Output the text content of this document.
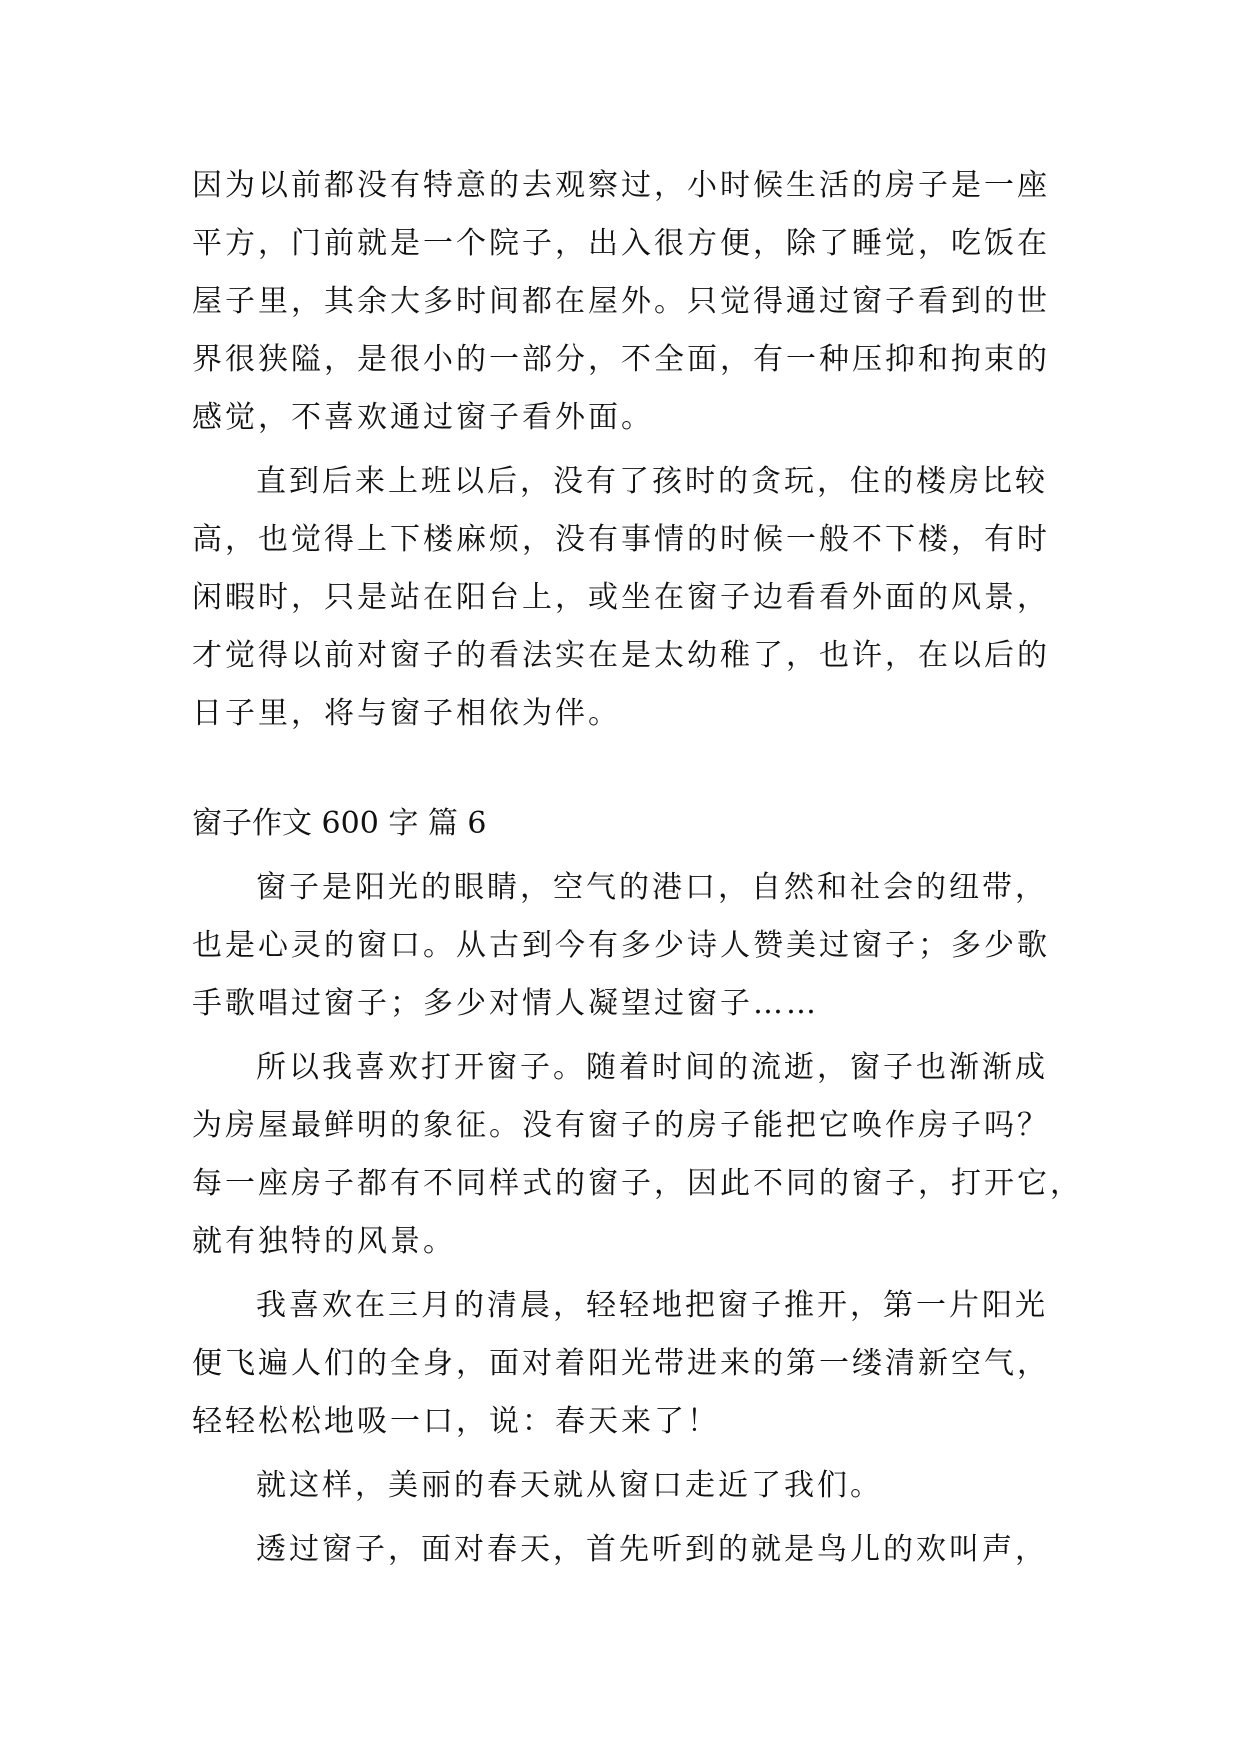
因为以前都没有特意的去观察过，小时候生活的房子是一座
平方，门前就是一个院子，出入很方便，除了睡觉，吃饭在
屋子里，其余大多时间都在屋外。只觉得通过窗子看到的世
界很狭隘，是很小的一部分，不全面，有一种压抑和拘束的
感觉，不喜欢通过窗子看外面。
直到后来上班以后，没有了孩时的贪玩，住的楼房比较
高，也觉得上下楼麻烦，没有事情的时候一般不下楼，有时
闲暇时，只是站在阳台上，或坐在窗子边看看外面的风景，
才觉得以前对窗子的看法实在是太幼稚了，也许，在以后的
日子里，将与窗子相依为伴。
窗子作文 600 字 篇 6
窗子是阳光的眼睛，空气的港口，自然和社会的纽带，
也是心灵的窗口。从古到今有多少诗人赞美过窗子；多少歌
手歌唱过窗子；多少对情人凝望过窗子……
所以我喜欢打开窗子。随着时间的流逝，窗子也渐渐成
为房屋最鲜明的象征。没有窗子的房子能把它唤作房子吗？
每一座房子都有不同样式的窗子，因此不同的窗子，打开它，
就有独特的风景。
我喜欢在三月的清晨，轻轻地把窗子推开，第一片阳光
便飞遍人们的全身，面对着阳光带进来的第一缕清新空气，
轻轻松松地吸一口，说：春天来了！
就这样，美丽的春天就从窗口走近了我们。
透过窗子，面对春天，首先听到的就是鸟儿的欢叫声，
